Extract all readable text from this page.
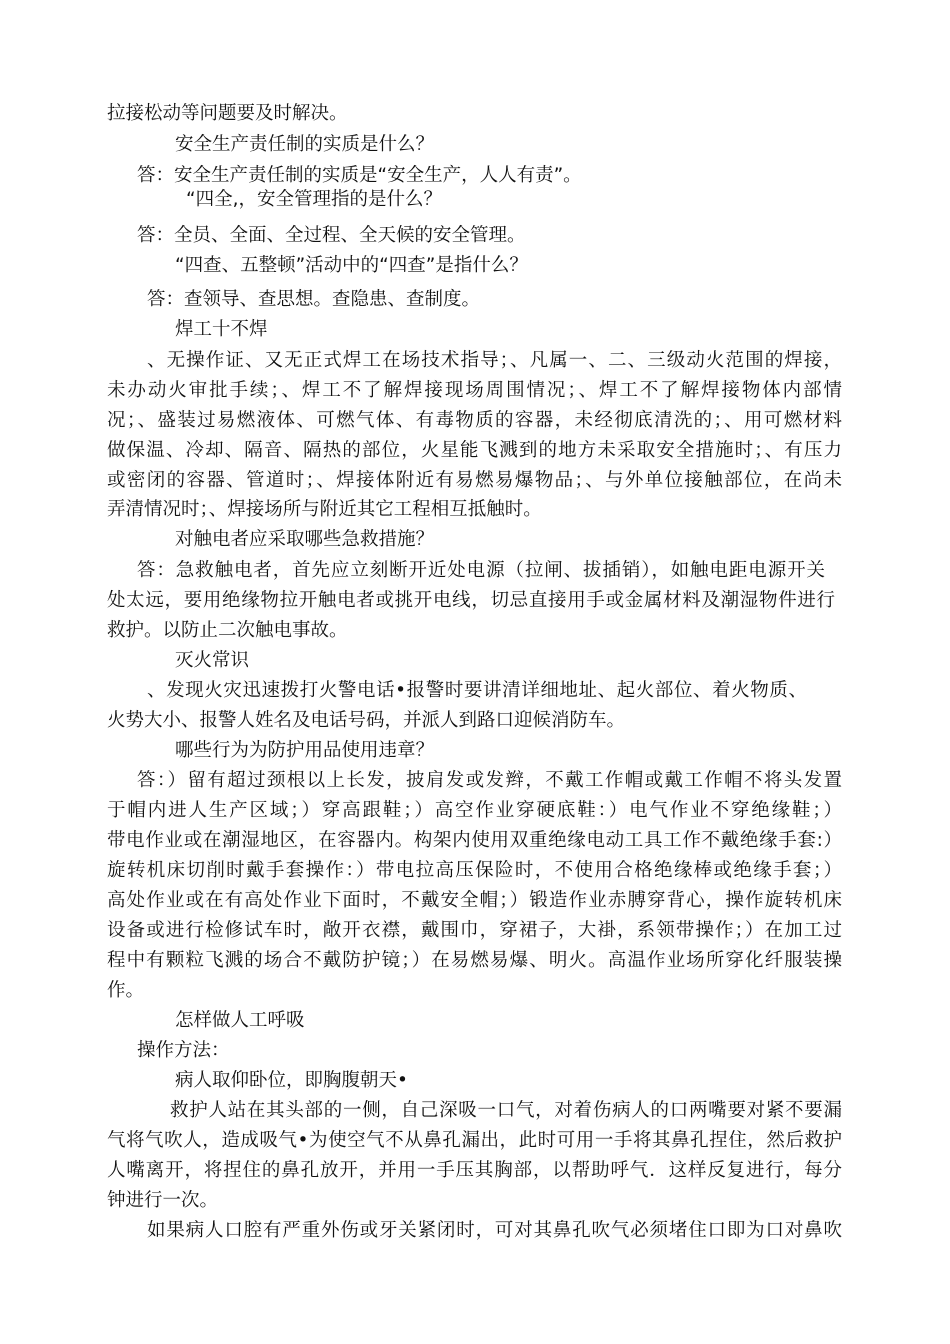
拉接松动等问题要及时解决。
安全生产责任制的实质是什么？
答：安全生产责任制的实质是“安全生产，人人有责”。
“四全,，安全管理指的是什么？
答：全员、全面、全过程、全天候的安全管理。
“四查、五整顿”活动中的“四查”是指什么？
答：查领导、查思想。查隐患、查制度。
焊工十不焊
、无操作证、又无正式焊工在场技术指导；、凡属一、二、三级动火范围的焊接，
未办动火审批手续；、焊工不了解焊接现场周围情况；、焊工不了解焊接物体内部情
况；、盛装过易燃液体、可燃气体、有毒物质的容器，未经彻底清洗的；、用可燃材料
做保温、冷却、隔音、隔热的部位，火星能飞溅到的地方未采取安全措施时；、有压力
或密闭的容器、管道时；、焊接体附近有易燃易爆物品；、与外单位接触部位，在尚未
弄清情况时；、焊接场所与附近其它工程相互抵触时。
对触电者应采取哪些急救措施？
答：急救触电者，首先应立刻断开近处电源（拉闸、拔插销），如触电距电源开关
处太远，要用绝缘物拉开触电者或挑开电线，切忌直接用手或金属材料及潮湿物件进行
救护。以防止二次触电事故。
灭火常识
、发现火灾迅速拨打火警电话•报警时要讲清详细地址、起火部位、着火物质、
火势大小、报警人姓名及电话号码，并派人到路口迎候消防车。
哪些行为为防护用品使用违章？
答：）留有超过颈根以上长发，披肩发或发辫，不戴工作帽或戴工作帽不将头发置
于帽内进人生产区域；）穿高跟鞋；）高空作业穿硬底鞋：）电气作业不穿绝缘鞋；）
带电作业或在潮湿地区，在容器内。构架内使用双重绝缘电动工具工作不戴绝缘手套:）
旋转机床切削时戴手套操作：）带电拉高压保险时，不使用合格绝缘棒或绝缘手套；）
高处作业或在有高处作业下面时，不戴安全帽；）锻造作业赤膊穿背心，操作旋转机床
设备或进行检修试车时，敞开衣襟，戴围巾，穿裙子，大褂，系领带操作；）在加工过
程中有颗粒飞溅的场合不戴防护镜；）在易燃易爆、明火。高温作业场所穿化纤服装操
作。
怎样做人工呼吸
操作方法：
病人取仰卧位，即胸腹朝天•
救护人站在其头部的一侧，自己深吸一口气，对着伤病人的口两嘴要对紧不要漏
气将气吹人，造成吸气•为使空气不从鼻孔漏出，此时可用一手将其鼻孔捏住，然后救护
人嘴离开，将捏住的鼻孔放开，并用一手压其胸部，以帮助呼气．这样反复进行，每分
钟进行一次。
如果病人口腔有严重外伤或牙关紧闭时，可对其鼻孔吹气必须堵住口即为口对鼻吹
